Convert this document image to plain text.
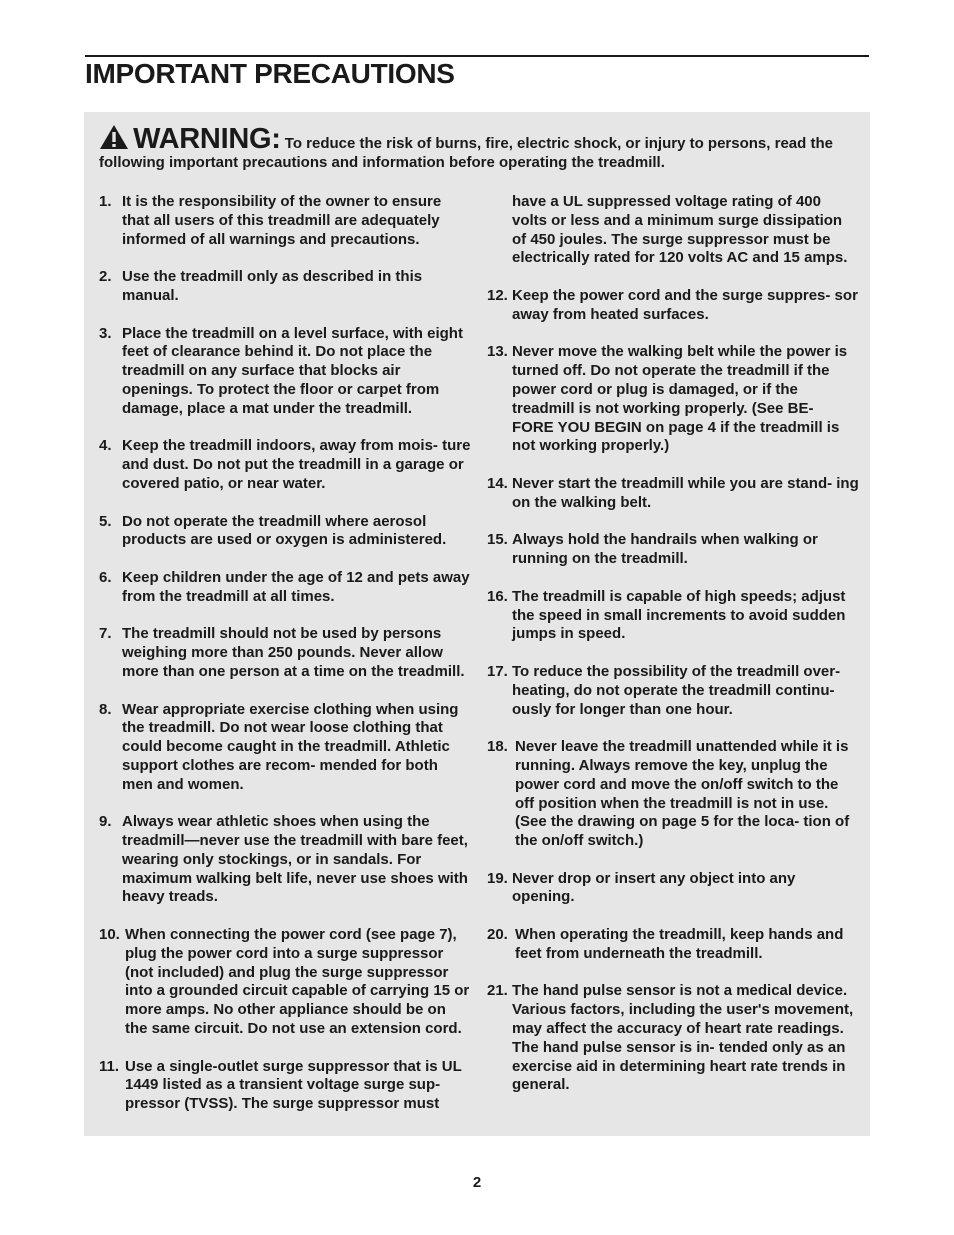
IMPORTANT PRECAUTIONS
WARNING: To reduce the risk of burns, fire, electric shock, or injury to persons, read the following important precautions and information before operating the treadmill.
1. It is the responsibility of the owner to ensure that all users of this treadmill are adequately informed of all warnings and precautions.
2. Use the treadmill only as described in this manual.
3. Place the treadmill on a level surface, with eight feet of clearance behind it. Do not place the treadmill on any surface that blocks air openings. To protect the floor or carpet from damage, place a mat under the treadmill.
4. Keep the treadmill indoors, away from mois- ture and dust. Do not put the treadmill in a garage or covered patio, or near water.
5. Do not operate the treadmill where aerosol products are used or oxygen is administered.
6. Keep children under the age of 12 and pets away from the treadmill at all times.
7. The treadmill should not be used by persons weighing more than 250 pounds. Never allow more than one person at a time on the treadmill.
8. Wear appropriate exercise clothing when using the treadmill. Do not wear loose clothing that could become caught in the treadmill. Athletic support clothes are recom- mended for both men and women.
9. Always wear athletic shoes when using the treadmill—never use the treadmill with bare feet, wearing only stockings, or in sandals. For maximum walking belt life, never use shoes with heavy treads.
10. When connecting the power cord (see page 7), plug the power cord into a surge suppressor (not included) and plug the surge suppressor into a grounded circuit capable of carrying 15 or more amps. No other appliance should be on the same circuit. Do not use an extension cord.
11. Use a single-outlet surge suppressor that is UL 1449 listed as a transient voltage surge sup- pressor (TVSS). The surge suppressor must
have a UL suppressed voltage rating of 400 volts or less and a minimum surge dissipation of 450 joules. The surge suppressor must be electrically rated for 120 volts AC and 15 amps.
12. Keep the power cord and the surge suppres- sor away from heated surfaces.
13. Never move the walking belt while the power is turned off. Do not operate the treadmill if the power cord or plug is damaged, or if the treadmill is not working properly. (See BE- FORE YOU BEGIN on page 4 if the treadmill is not working properly.)
14. Never start the treadmill while you are stand- ing on the walking belt.
15. Always hold the handrails when walking or running on the treadmill.
16. The treadmill is capable of high speeds; adjust the speed in small increments to avoid sudden jumps in speed.
17. To reduce the possibility of the treadmill over- heating, do not operate the treadmill continu- ously for longer than one hour.
18. Never leave the treadmill unattended while it is running. Always remove the key, unplug the power cord and move the on/off switch to the off position when the treadmill is not in use. (See the drawing on page 5 for the loca- tion of the on/off switch.)
19. Never drop or insert any object into any opening.
20. When operating the treadmill, keep hands and feet from underneath the treadmill.
21. The hand pulse sensor is not a medical device. Various factors, including the user's movement, may affect the accuracy of heart rate readings. The hand pulse sensor is in- tended only as an exercise aid in determining heart rate trends in general.
2
